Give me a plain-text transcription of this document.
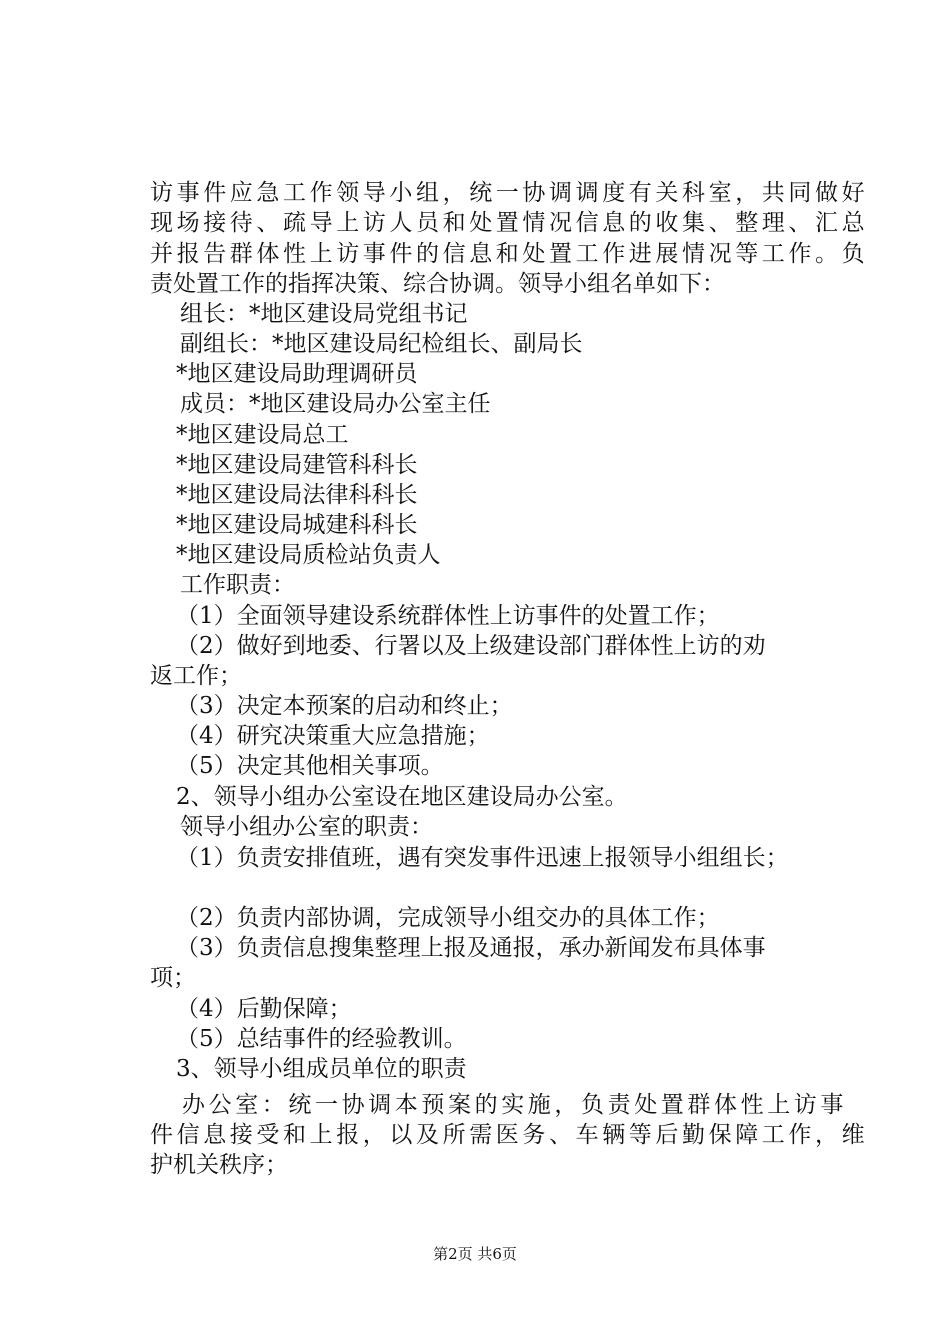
访事件应急工作领导小组，统一协调调度有关科室，共同做好
现场接待、疏导上访人员和处置情况信息的收集、整理、汇总
并报告群体性上访事件的信息和处置工作进展情况等工作。负
责处置工作的指挥决策、综合协调。领导小组名单如下：
组长：*地区建设局党组书记
副组长：*地区建设局纪检组长、副局长
*地区建设局助理调研员
成员：*地区建设局办公室主任
*地区建设局总工
*地区建设局建管科科长
*地区建设局法律科科长
*地区建设局城建科科长
*地区建设局质检站负责人
工作职责：
（1）全面领导建设系统群体性上访事件的处置工作；
（2）做好到地委、行署以及上级建设部门群体性上访的劝
返工作；
（3）决定本预案的启动和终止；
（4）研究决策重大应急措施；
（5）决定其他相关事项。
2、领导小组办公室设在地区建设局办公室。
领导小组办公室的职责：
（1）负责安排值班，遇有突发事件迅速上报领导小组组长；
（2）负责内部协调，完成领导小组交办的具体工作；
（3）负责信息搜集整理上报及通报，承办新闻发布具体事
项；
（4）后勤保障；
（5）总结事件的经验教训。
3、领导小组成员单位的职责
办公室：统一协调本预案的实施，负责处置群体性上访事
件信息接受和上报，以及所需医务、车辆等后勤保障工作，维
护机关秩序；
第2页 共6页
